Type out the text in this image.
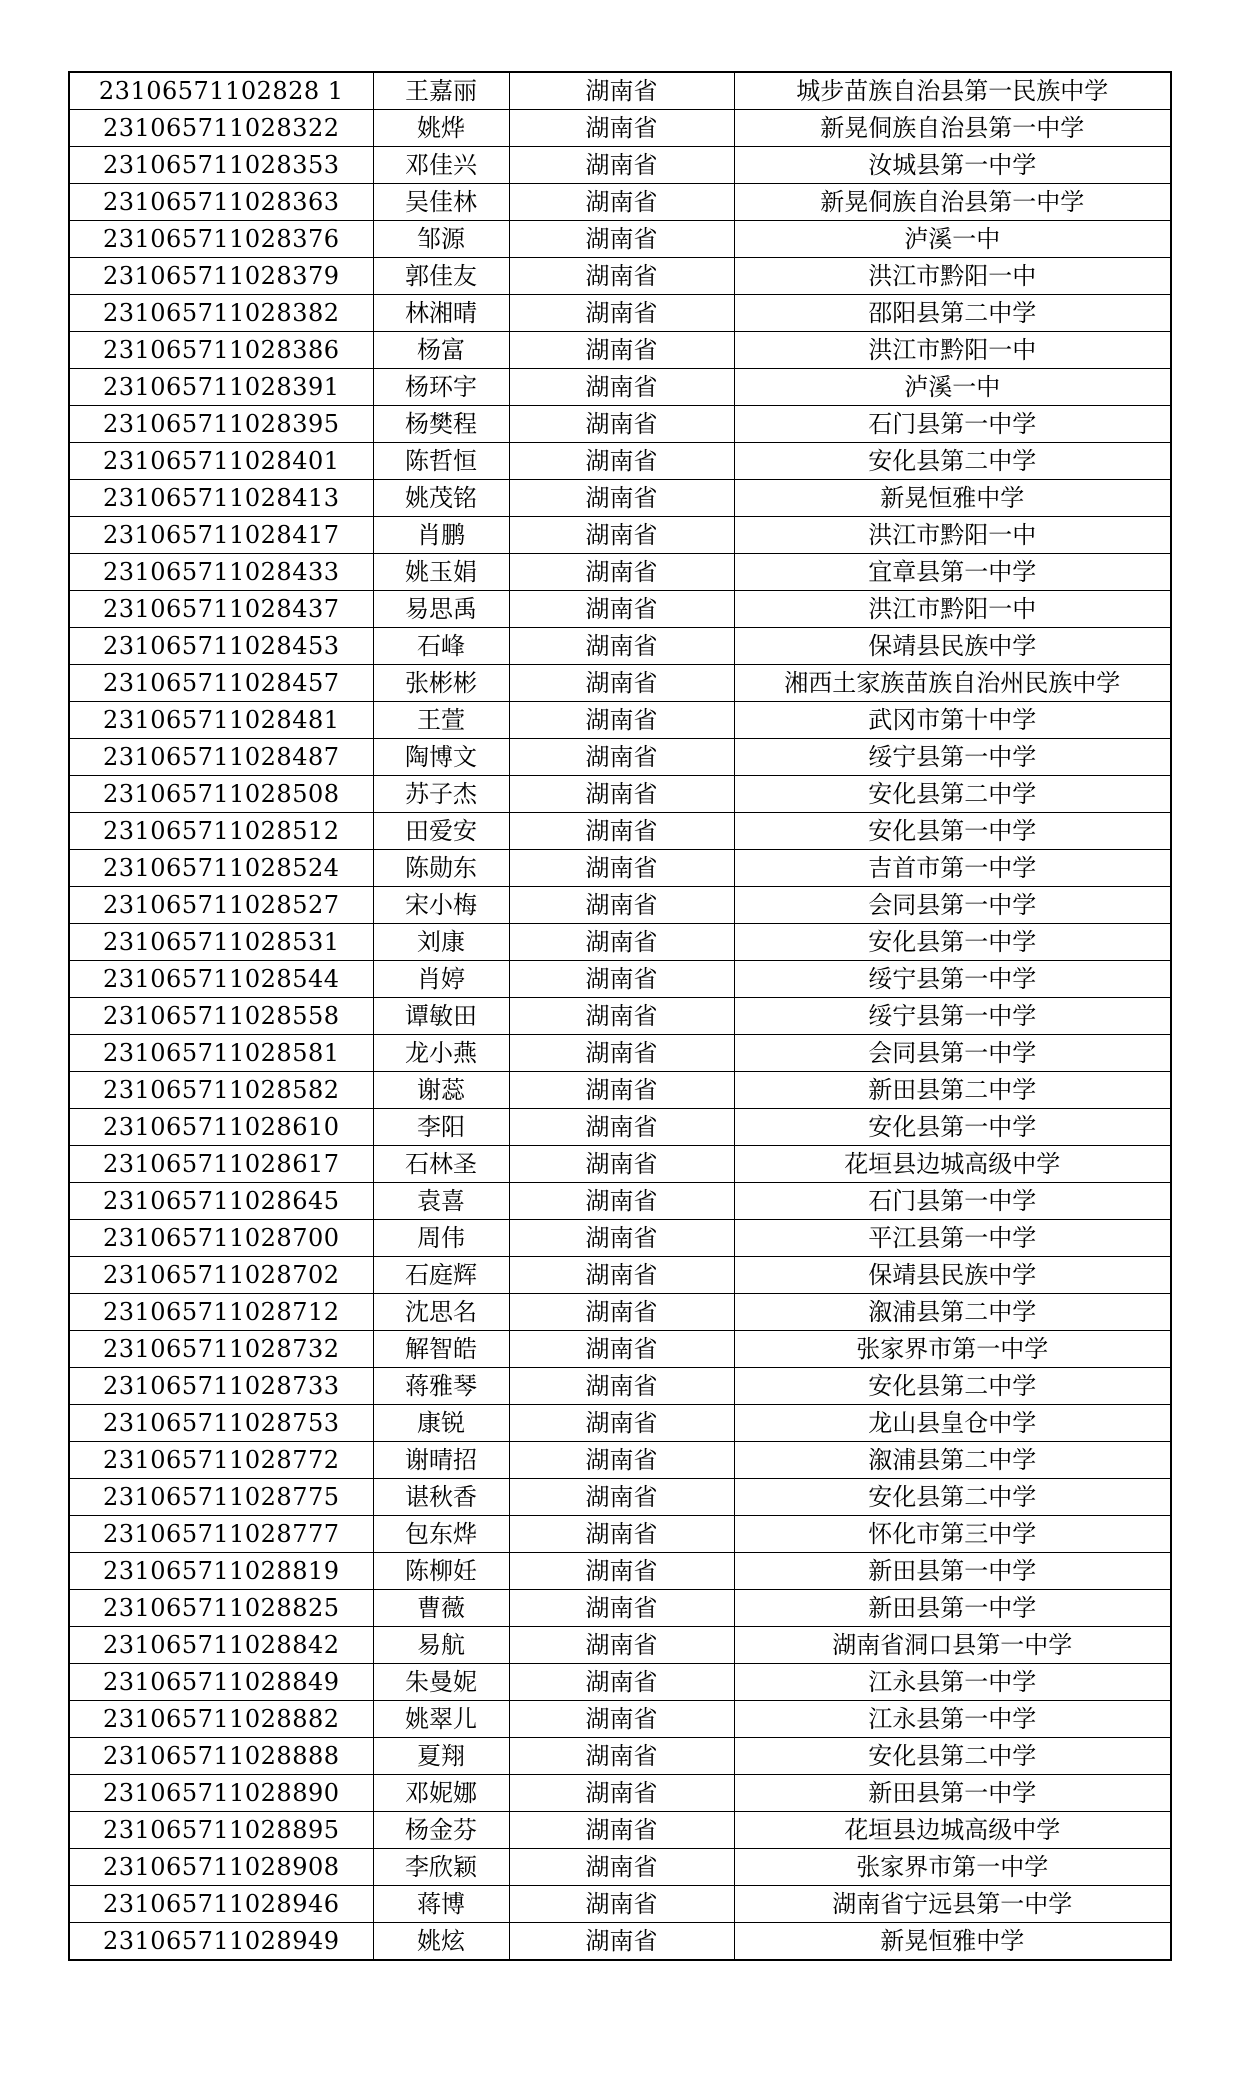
23106571102828 1	王嘉丽	湖南省	城步苗族自治县第一民族中学
231065711028322	姚烨	湖南省	新晃侗族自治县第一中学
231065711028353	邓佳兴	湖南省	汝城县第一中学
231065711028363	吴佳林	湖南省	新晃侗族自治县第一中学
231065711028376	邹源	湖南省	泸溪一中
231065711028379	郭佳友	湖南省	洪江市黔阳一中
231065711028382	林湘晴	湖南省	邵阳县第二中学
231065711028386	杨富	湖南省	洪江市黔阳一中
231065711028391	杨环宇	湖南省	泸溪一中
231065711028395	杨樊程	湖南省	石门县第一中学
231065711028401	陈哲恒	湖南省	安化县第二中学
231065711028413	姚茂铭	湖南省	新晃恒雅中学
231065711028417	肖鹏	湖南省	洪江市黔阳一中
231065711028433	姚玉娟	湖南省	宜章县第一中学
231065711028437	易思禹	湖南省	洪江市黔阳一中
231065711028453	石峰	湖南省	保靖县民族中学
231065711028457	张彬彬	湖南省	湘西土家族苗族自治州民族中学
231065711028481	王萱	湖南省	武冈市第十中学
231065711028487	陶博文	湖南省	绥宁县第一中学
231065711028508	苏子杰	湖南省	安化县第二中学
231065711028512	田爱安	湖南省	安化县第一中学
231065711028524	陈勋东	湖南省	吉首市第一中学
231065711028527	宋小梅	湖南省	会同县第一中学
231065711028531	刘康	湖南省	安化县第一中学
231065711028544	肖婷	湖南省	绥宁县第一中学
231065711028558	谭敏田	湖南省	绥宁县第一中学
231065711028581	龙小燕	湖南省	会同县第一中学
231065711028582	谢蕊	湖南省	新田县第二中学
231065711028610	李阳	湖南省	安化县第一中学
231065711028617	石林圣	湖南省	花垣县边城高级中学
231065711028645	袁喜	湖南省	石门县第一中学
231065711028700	周伟	湖南省	平江县第一中学
231065711028702	石庭辉	湖南省	保靖县民族中学
231065711028712	沈思名	湖南省	溆浦县第二中学
231065711028732	解智皓	湖南省	张家界市第一中学
231065711028733	蒋雅琴	湖南省	安化县第二中学
231065711028753	康锐	湖南省	龙山县皇仓中学
231065711028772	谢晴招	湖南省	溆浦县第二中学
231065711028775	谌秋香	湖南省	安化县第二中学
231065711028777	包东烨	湖南省	怀化市第三中学
231065711028819	陈柳妊	湖南省	新田县第一中学
231065711028825	曹薇	湖南省	新田县第一中学
231065711028842	易航	湖南省	湖南省洞口县第一中学
231065711028849	朱曼妮	湖南省	江永县第一中学
231065711028882	姚翠儿	湖南省	江永县第一中学
231065711028888	夏翔	湖南省	安化县第二中学
231065711028890	邓妮娜	湖南省	新田县第一中学
231065711028895	杨金芬	湖南省	花垣县边城高级中学
231065711028908	李欣颖	湖南省	张家界市第一中学
231065711028946	蒋博	湖南省	湖南省宁远县第一中学
231065711028949	姚炫	湖南省	新晃恒雅中学
